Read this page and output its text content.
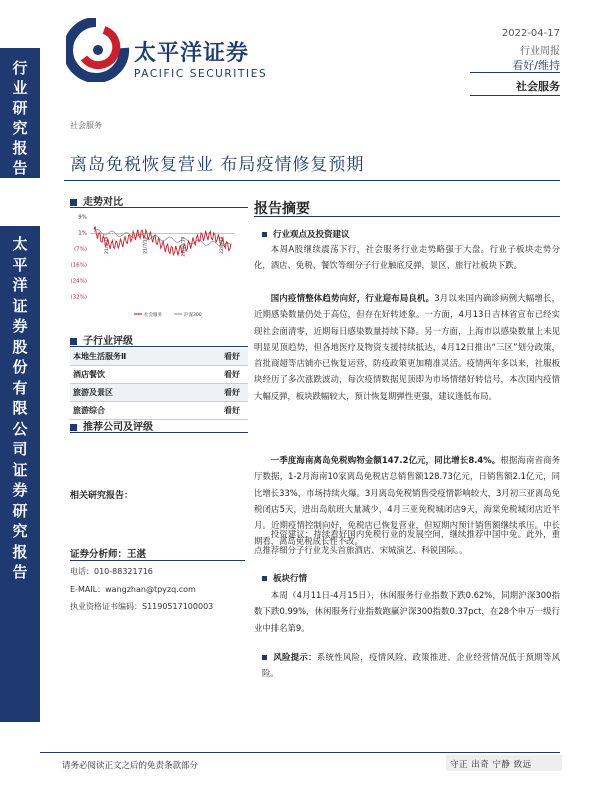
行
业
研
究
报
告
太
平
洋
证
券
股
份
有
限
公
司
证
券
研
究
报
告
太平洋证券
PACIFIC SECURITIES
2022-04-17
行业周报
看好/维持
社会服务
社会服务
离岛免税恢复营业 布局疫情修复预期
走势对比
9%
1%
(7%)
(16%)
(24%)
(32%)
21/4/19	21/7/19	21/10/19	22/1/19
社会服务	沪深300
子行业评级
本地生活服务Ⅱ	看好
酒店餐饮	看好
旅游及景区	看好
旅游综合	看好
推荐公司及评级
相关研究报告：
证券分析师：王湛
电话：010-88321716
E-MAIL：wangzhan@tpyzq.com
执业资格证书编码：S1190517100003
报告摘要
行业观点及投资建议
本周A股继续震荡下行，社会服务行业走势略强于大盘。行业子板块走势分化，酒店、免税、餐饮等细分子行业触底反弹，景区、旅行社板块下跌。
国内疫情整体趋势向好，行业迎布局良机。3月以来国内确诊病例大幅增长，近期感染数量仍处于高位，但存在好转迹象。一方面，4月13日吉林省宣布已经实现社会面清零，近期每日感染数量持续下降。另一方面，上海市以感染数量上未见明显见顶趋势，但各地医疗及物资支援持续抵达，4月12日推出“三区”划分政策，首批商超等店铺亦已恢复运营，防疫政策更加精准灵活。疫情两年多以来，社服板块经历了多次涨跌波动，每次疫情数据见顶即为市场情绪好转信号，本次国内疫情大幅反弹，板块跌幅较大，预计恢复期弹性更强，建议逢低布局。
一季度海南离岛免税购物金额147.2亿元，同比增长8.4%。根据海南省商务厅数据，1-2月海南10家离岛免税店总销售额128.73亿元，日销售额2.1亿元，同比增长33%，市场持续火爆。3月离岛免税销售受疫情影响较大，3月初三亚离岛免税闭店5天，进出岛航班大量减少，4月三亚免税城闭店9天，海棠免税城闭店近半月。近期疫情控制向好，免税店已恢复营业，但短期内预计销售额继续承压。中长期看，离岛免税成长性不改。
投资建议：持续看好国内免税行业的发展空间，继续推荐中国中免。此外，重点推荐细分子行业龙头首旅酒店、宋城演艺、科锐国际。。
板块行情
本周（4月11日-4月15日），休闲服务行业指数下跌0.62%，同期沪深300指数下跌0.99%，休闲服务行业指数跑赢沪深300指数0.37pct，在28个申万一级行业中排名第9。
风险提示：系统性风险，疫情风险、政策推进、企业经营情况低于预期等风险。
请务必阅读正文之后的免责条款部分	守正 出奇 宁静 致远
